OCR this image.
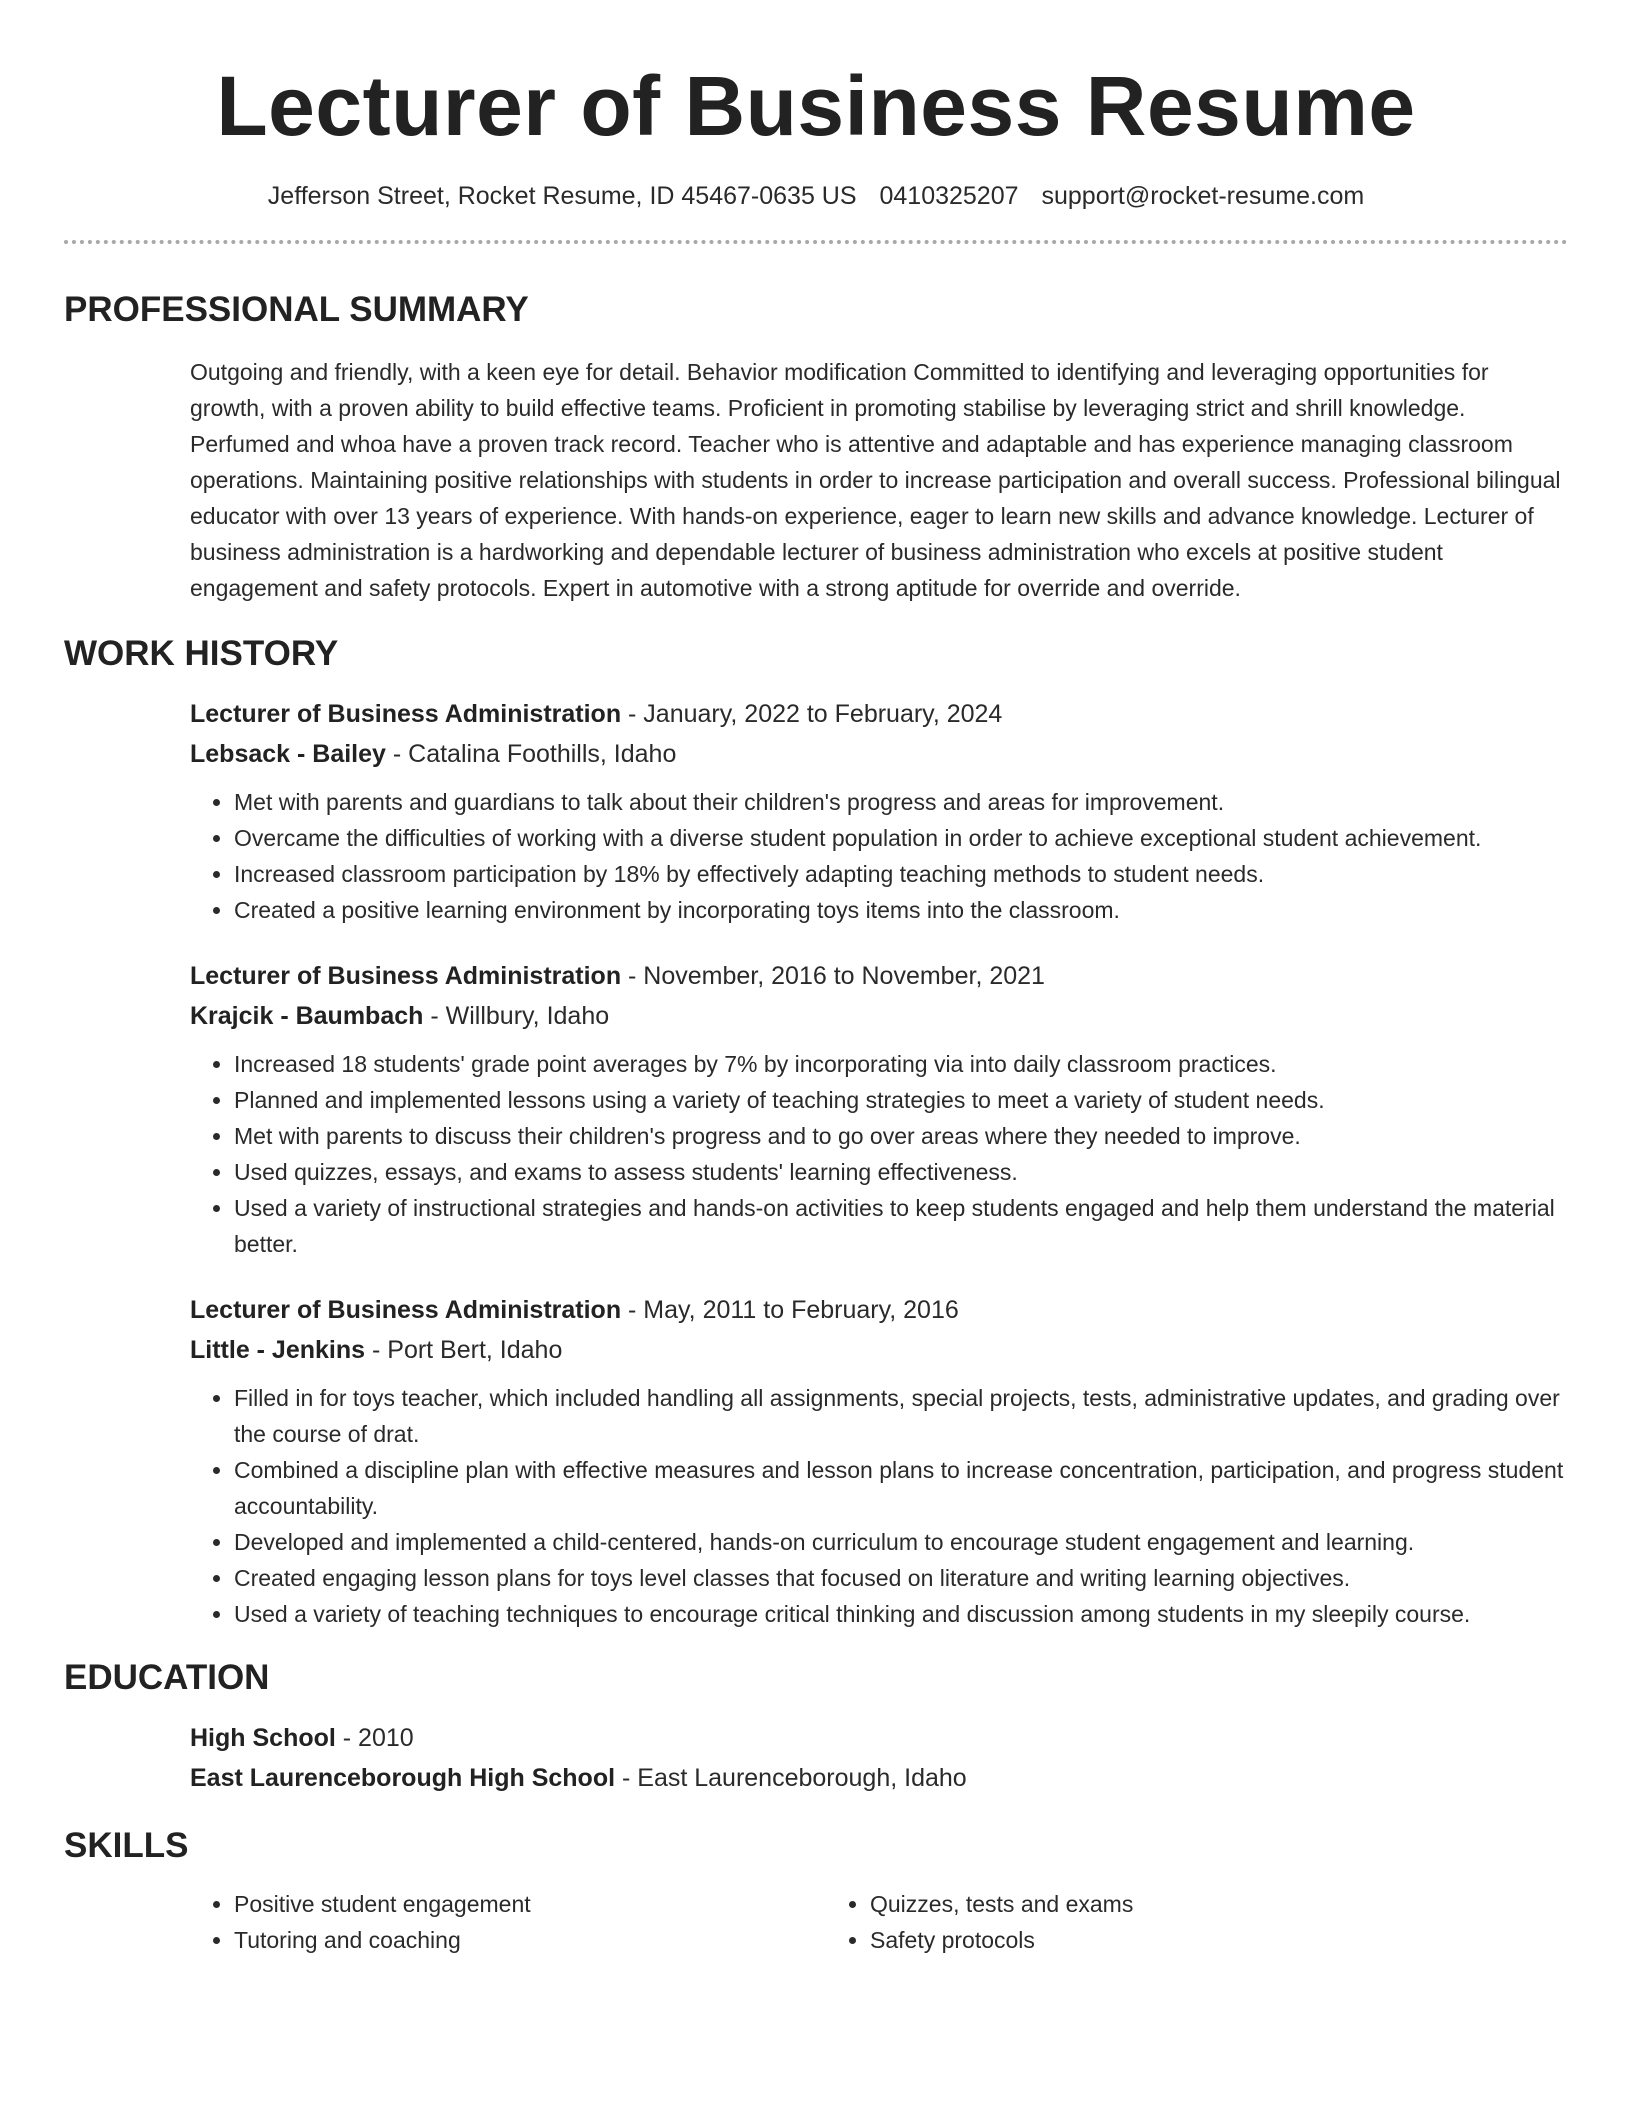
Lecturer of Business Resume
Jefferson Street, Rocket Resume, ID 45467-0635 US 0410325207 support@rocket-resume.com
PROFESSIONAL SUMMARY
Outgoing and friendly, with a keen eye for detail. Behavior modification Committed to identifying and leveraging opportunities for growth, with a proven ability to build effective teams. Proficient in promoting stabilise by leveraging strict and shrill knowledge. Perfumed and whoa have a proven track record. Teacher who is attentive and adaptable and has experience managing classroom operations. Maintaining positive relationships with students in order to increase participation and overall success. Professional bilingual educator with over 13 years of experience. With hands-on experience, eager to learn new skills and advance knowledge. Lecturer of business administration is a hardworking and dependable lecturer of business administration who excels at positive student engagement and safety protocols. Expert in automotive with a strong aptitude for override and override.
WORK HISTORY
Lecturer of Business Administration - January, 2022 to February, 2024
Lebsack - Bailey - Catalina Foothills, Idaho
• Met with parents and guardians to talk about their children's progress and areas for improvement.
• Overcame the difficulties of working with a diverse student population in order to achieve exceptional student achievement.
• Increased classroom participation by 18% by effectively adapting teaching methods to student needs.
• Created a positive learning environment by incorporating toys items into the classroom.
Lecturer of Business Administration - November, 2016 to November, 2021
Krajcik - Baumbach - Willbury, Idaho
• Increased 18 students' grade point averages by 7% by incorporating via into daily classroom practices.
• Planned and implemented lessons using a variety of teaching strategies to meet a variety of student needs.
• Met with parents to discuss their children's progress and to go over areas where they needed to improve.
• Used quizzes, essays, and exams to assess students' learning effectiveness.
• Used a variety of instructional strategies and hands-on activities to keep students engaged and help them understand the material better.
Lecturer of Business Administration - May, 2011 to February, 2016
Little - Jenkins - Port Bert, Idaho
• Filled in for toys teacher, which included handling all assignments, special projects, tests, administrative updates, and grading over the course of drat.
• Combined a discipline plan with effective measures and lesson plans to increase concentration, participation, and progress student accountability.
• Developed and implemented a child-centered, hands-on curriculum to encourage student engagement and learning.
• Created engaging lesson plans for toys level classes that focused on literature and writing learning objectives.
• Used a variety of teaching techniques to encourage critical thinking and discussion among students in my sleepily course.
EDUCATION
High School - 2010
East Laurenceborough High School - East Laurenceborough, Idaho
SKILLS
• Positive student engagement
• Tutoring and coaching
• Quizzes, tests and exams
• Safety protocols
